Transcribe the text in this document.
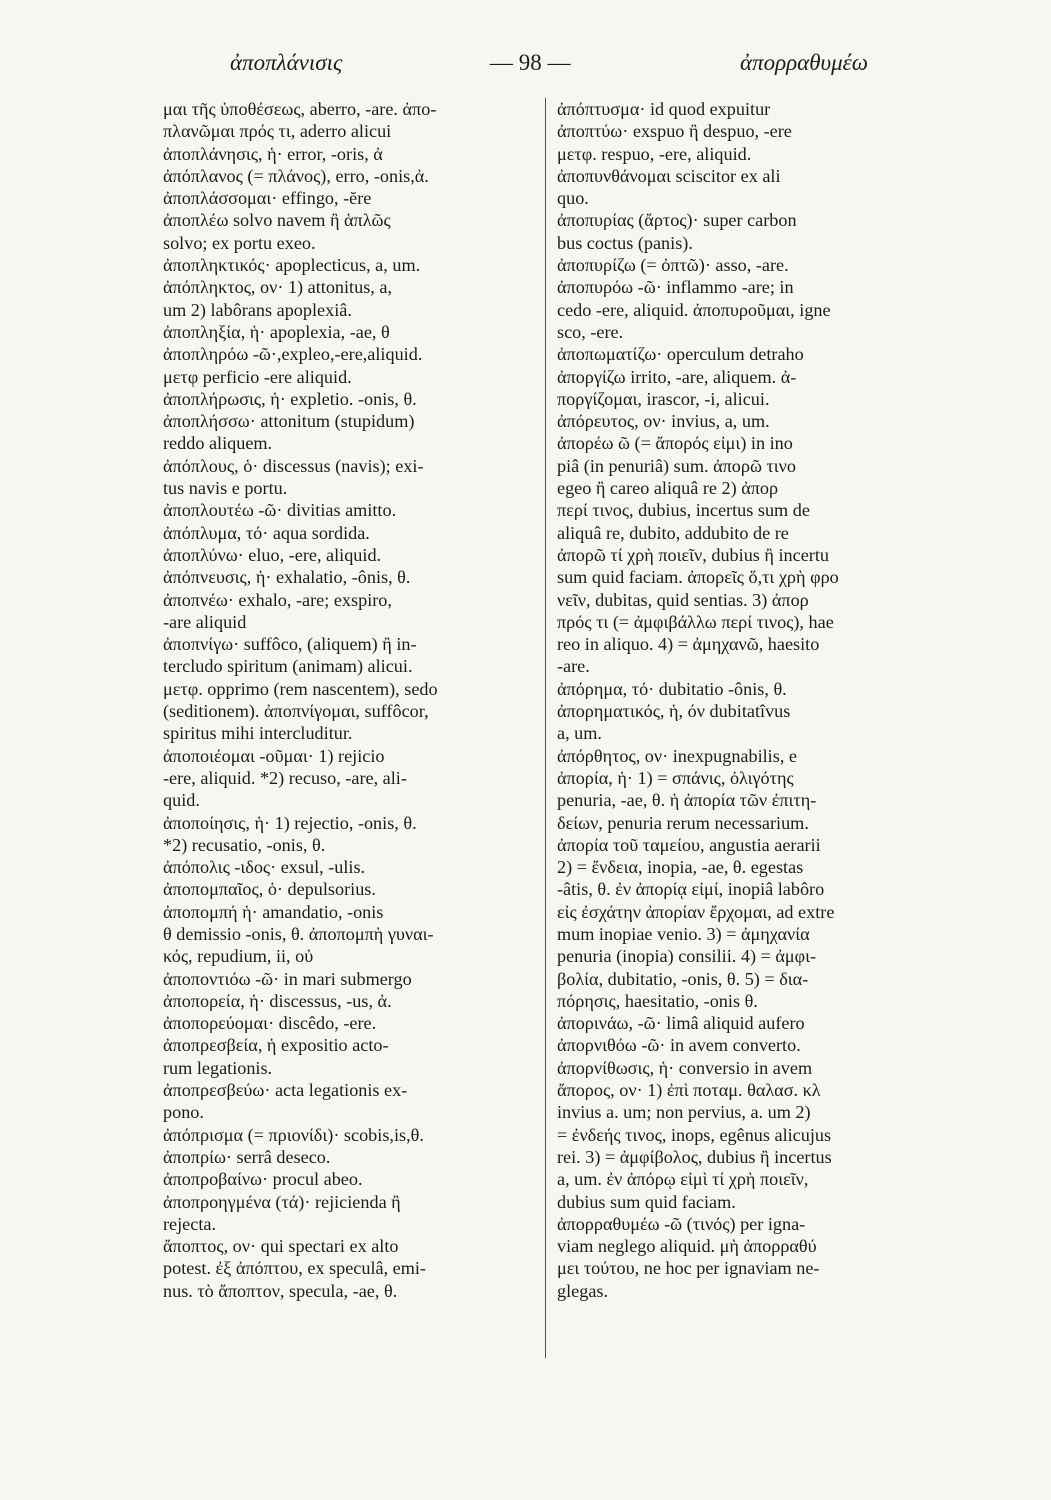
ἀποπλάνισις	— 98 —	ἀπορραθυμέω
μαι τῆς ὑποθέσεως, aberro, -are. ἀπο-
πλανῶμαι πρός τι, aderro alicui
ἀποπλάνησις, ἡ· error, -oris, ἀ
ἀπόπλανος (= πλάνος), erro, -onis,ἀ.
ἀποπλάσσομαι· effingo, -ĕre
ἀποπλέω solvo navem ἢ ἁπλῶς
solvo; ex portu exeo.
ἀποπληκτικός· apoplecticus, a, um.
ἀπόπληκτος, ον· 1) attonitus, a,
um 2) labôrans apoplexiâ.
ἀποπληξία, ἡ· apoplexia, -ae, θ
ἀποπληρόω -ῶ·,expleo,-ere,aliquid.
μετφ perficio -ere aliquid.
ἀποπλήρωσις, ἡ· expletio. -onis, θ.
ἀποπλήσσω· attonitum (stupidum)
reddo aliquem.
ἀπόπλους, ὁ· discessus (navis); exi-
tus navis e portu.
ἀποπλουτέω -ῶ· divitias amitto.
ἀπόπλυμα, τό· aqua sordida.
ἀποπλύνω· eluo, -ere, aliquid.
ἀπόπνευσις, ἡ· exhalatio, -ônis, θ.
ἀποπνέω· exhalo, -are; exspiro,
-are aliquid
ἀποπνίγω· suffôco, (aliquem) ἢ in-
tercludo spiritum (animam) alicui.
μετφ. opprimo (rem nascentem), sedo
(seditionem). ἀποπνίγομαι, suffôcor,
spiritus mihi intercluditur.
ἀποποιέομαι -οῦμαι· 1) rejicio
-ere, aliquid. *2) recuso, -are, ali-
quid.
ἀποποίησις, ἡ· 1) rejectio, -onis, θ.
*2) recusatio, -onis, θ.
ἀπόπολις -ιδος· exsul, -ulis.
ἀποπομπαῖος, ὁ· depulsorius.
ἀποπομπή ἡ· amandatio, -onis
θ demissio -onis, θ. ἀποπομπὴ γυναι-
κός, repudium, ii, οὐ
ἀποποντιόω -ῶ· in mari submergo
ἀποπορεία, ἡ· discessus, -us, ἀ.
ἀποπορεύομαι· discêdo, -ere.
ἀποπρεσβεία, ἡ expositio acto-
rum legationis.
ἀποπρεσβεύω· acta legationis ex-
pono.
ἀπόπρισμα (= πριονίδι)· scobis,is,θ.
ἀποπρίω· serrâ deseco.
ἀποπροβαίνω· procul abeo.
ἀποπροηγμένα (τά)· rejicienda ἢ
rejecta.
ἄποπτος, ον· qui spectari ex alto
potest. ἐξ ἀπόπτου, ex speculâ, emi-
nus. τὸ ἄποπτον, specula, -ae, θ.
ἀπόπτυσμα· id quod expuitur
ἀποπτύω· exspuo ἢ despuo, -ere
μετφ. respuo, -ere, aliquid.
ἀποπυνθάνομαι sciscitor ex ali
quo.
ἀποπυρίας (ἄρτος)· super carbon
bus coctus (panis).
ἀποπυρίζω (= ὀπτῶ)· asso, -are.
ἀποπυρόω -ῶ· inflammo -are; in
cedo -ere, aliquid. ἀποπυροῦμαι, igne
sco, -ere.
ἀποπωματίζω· operculum detraho
ἀποργίζω irrito, -are, aliquem. ἀ-
ποργίζομαι, irascor, -i, alicui.
ἀπόρευτος, ον· invius, a, um.
ἀπορέω ῶ (= ἄπορός εἰμι) in ino
piâ (in penuriâ) sum. ἀπορῶ τινο
egeo ἢ careo aliquâ re 2) ἀπορ
περί τινος, dubius, incertus sum de
aliquâ re, dubito, addubito de re
ἀπορῶ τί χρὴ ποιεῖν, dubius ἢ incertu
sum quid faciam. ἀπορεῖς ὅ,τι χρὴ φρο
νεῖν, dubitas, quid sentias. 3) ἀπορ
πρός τι (= ἀμφιβάλλω περί τινος), hae
reo in aliquo. 4) = ἀμηχανῶ, haesito
-are.
ἀπόρημα, τό· dubitatio -ônis, θ.
ἀπορηματικός, ἡ, όν dubitatîvus
a, um.
ἀπόρθητος, ον· inexpugnabilis, e
ἀπορία, ἡ· 1) = σπάνις, ὀλιγότης
penuria, -ae, θ. ἡ ἀπορία τῶν ἐπιτη-
δείων, penuria rerum necessarium.
ἀπορία τοῦ ταμείου, angustia aerarii
2) = ἔνδεια, inopia, -ae, θ. egestas
-âtis, θ. ἐν ἀπορίᾳ εἰμί, inopiâ labôro
εἰς ἐσχάτην ἀπορίαν ἔρχομαι, ad extre
mum inopiae venio. 3) = ἀμηχανία
penuria (inopia) consilii. 4) = ἀμφι-
βολία, dubitatio, -onis, θ. 5) = δια-
πόρησις, haesitatio, -onis θ.
ἀπορινάω, -ῶ· limâ aliquid aufero
ἀπορνιθόω -ῶ· in avem converto.
ἀπορνίθωσις, ἡ· conversio in avem
ἄπορος, ον· 1) ἐπὶ ποταμ. θαλασ. κλ
invius a. um; non pervius, a. um 2)
= ἐνδεής τινος, inops, egênus alicujus
rei. 3) = ἀμφίβολος, dubius ἢ incertus
a, um. ἐν ἀπόρῳ εἰμὶ τί χρὴ ποιεῖν,
dubius sum quid faciam.
ἀπορραθυμέω -ῶ (τινός) per igna-
viam neglego aliquid. μὴ ἀπορραθύ
μει τούτου, ne hoc per ignaviam ne-
glegas.
